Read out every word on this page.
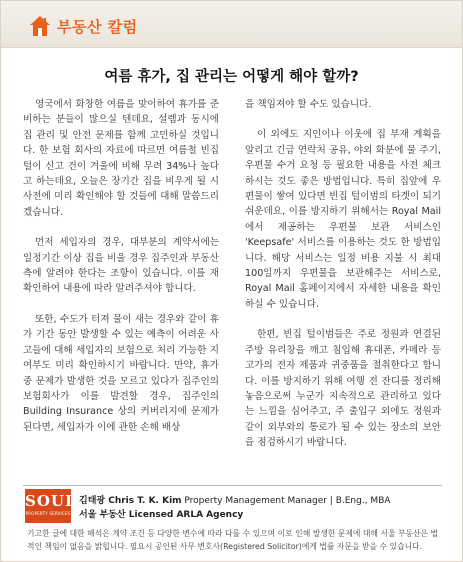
부동산 칼럼
여름 휴가, 집 관리는 어떻게 해야 할까?

영국에서 화창한 여름을 맞이하여 휴가를 준비하는 분들이 많으실 텐데요, 설렘과 동시에 집 관리 및 안전 문제를 함께 고민하실 것입니다. 한 보험 회사의 자료에 따르면 여름철 빈집 털이 신고 건이 겨울에 비해 무려 34%나 높다고 하는데요, 오늘은 장기간 집을 비우게 될 시 사전에 미리 확인해야 할 것들에 대해 말씀드리겠습니다.

먼저 세입자의 경우, 대부분의 계약서에는 일정기간 이상 집을 비울 경우 집주인과 부동산 측에 알려야 한다는 조항이 있습니다. 이를 재확인하여 내용에 따라 알려주셔야 합니다.

또한, 수도가 터져 물이 새는 경우와 같이 휴가 기간 동안 발생할 수 있는 예측이 어려운 사고들에 대해 세입자의 보험으로 처리 가능한 지 여부도 미리 확인하시기 바랍니다. 만약, 휴가 중 문제가 발생한 것을 모르고 있다가 집주인의 보험회사가 이를 발견할 경우, 집주인의 Building Insurance 상의 커버리지에 문제가 된다면, 세입자가 이에 관한 손해 배상

을 책임져야 할 수도 있습니다.

이 외에도 지인이나 이웃에 집 부재 계획을 알리고 긴급 연락처 공유, 야외 화분에 물 주기, 우편물 수거 요청 등 필요한 내용을 사전 체크하시는 것도 좋은 방법입니다. 특히 집앞에 우편물이 쌓여 있다면 빈집 털이범의 타겟이 되기 쉬운데요, 이를 방지하기 위해서는 Royal Mail에서 제공하는 우편물 보관 서비스인 'Keepsafe' 서비스를 이용하는 것도 한 방법입니다. 해당 서비스는 일정 비용 지불 시 최대 100일까지 우편물을 보관해주는 서비스로, Royal Mail 홈페이지에서 자세한 내용을 확인하실 수 있습니다.

한편, 빈집 털이범들은 주로 정원과 연결된 주방 유리창을 깨고 침입해 휴대폰, 카메라 등 고가의 전자 제품과 귀중품을 절취한다고 합니다. 이를 방지하기 위해 여행 전 잔디를 정리해 놓음으로써 누군가 지속적으로 관리하고 있다는 느낌을 심어주고, 주 출입구 외에도 정원과 같이 외부와의 통로가 될 수 있는 장소의 보안을 점검하시기 바랍니다.

SOUL
PROPERTY SERVICES
김태광 Chris T. K. Kim Property Management Manager | B.Eng., MBA
서울 부동산 Licensed ARLA Agency
기고한 글에 대한 해석은 계약 조건 등 다양한 변수에 따라 다를 수 있으며 이로 인해 발생한 문제에 대해 서울 부동산은 법적인 책임이 없음을 밝힙니다. 필요시 공인된 사무 변호사(Registered Solicitor)에게 법률 자문을 받을 수 있습니다.
